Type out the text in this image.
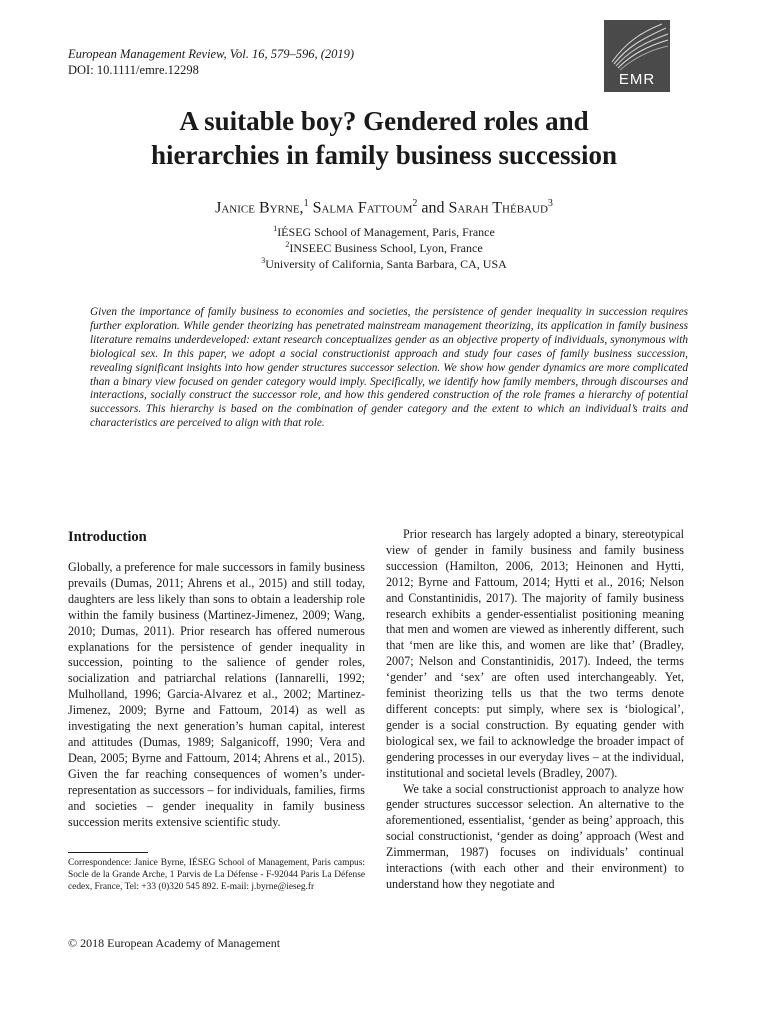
European Management Review, Vol. 16, 579–596, (2019)
DOI: 10.1111/emre.12298
EMR
A suitable boy? Gendered roles and
hierarchies in family business succession
Janice Byrne,$^1$ Salma Fattoum$^2$ and Sarah Thébaud$^3$
$^1$IÉSEG School of Management, Paris, France
$^2$INSEEC Business School, Lyon, France
$^3$University of California, Santa Barbara, CA, USA

Given the importance of family business to economies and societies, the persistence of gender inequality in succession requires further exploration. While gender theorizing has penetrated mainstream management theorizing, its application in family business literature remains underdeveloped: extant research conceptualizes gender as an objective property of individuals, synonymous with biological sex. In this paper, we adopt a social constructionist approach and study four cases of family business succession, revealing significant insights into how gender structures successor selection. We show how gender dynamics are more complicated than a binary view focused on gender category would imply. Specifically, we identify how family members, through discourses and interactions, socially construct the successor role, and how this gendered construction of the role frames a hierarchy of potential successors. This hierarchy is based on the combination of gender category and the extent to which an individual’s traits and characteristics are perceived to align with that role.

Introduction

Globally, a preference for male successors in family business prevails (Dumas, 2011; Ahrens et al., 2015) and still today, daughters are less likely than sons to obtain a leadership role within the family business (Martinez-Jimenez, 2009; Wang, 2010; Dumas, 2011). Prior research has offered numerous explanations for the persistence of gender inequality in succession, pointing to the salience of gender roles, socialization and patriarchal relations (Iannarelli, 1992; Mulholland, 1996; Garcia-Alvarez et al., 2002; Martinez-Jimenez, 2009; Byrne and Fattoum, 2014) as well as investigating the next generation’s human capital, interest and attitudes (Dumas, 1989; Salganicoff, 1990; Vera and Dean, 2005; Byrne and Fattoum, 2014; Ahrens et al., 2015). Given the far reaching consequences of women’s under-representation as successors – for individuals, families, firms and societies – gender inequality in family business succession merits extensive scientific study.

Prior research has largely adopted a binary, stereotypical view of gender in family business and family business succession (Hamilton, 2006, 2013; Heinonen and Hytti, 2012; Byrne and Fattoum, 2014; Hytti et al., 2016; Nelson and Constantinidis, 2017). The majority of family business research exhibits a gender-essentialist positioning meaning that men and women are viewed as inherently different, such that ‘men are like this, and women are like that’ (Bradley, 2007; Nelson and Constantinidis, 2017). Indeed, the terms ‘gender’ and ‘sex’ are often used interchangeably. Yet, feminist theorizing tells us that the two terms denote different concepts: put simply, where sex is ‘biological’, gender is a social construction. By equating gender with biological sex, we fail to acknowledge the broader impact of gendering processes in our everyday lives – at the individual, institutional and societal levels (Bradley, 2007).

We take a social constructionist approach to analyze how gender structures successor selection. An alternative to the aforementioned, essentialist, ‘gender as being’ approach, this social constructionist, ‘gender as doing’ approach (West and Zimmerman, 1987) focuses on individuals’ continual interactions (with each other and their environment) to understand how they negotiate and

Correspondence: Janice Byrne, IÉSEG School of Management, Paris campus: Socle de la Grande Arche, 1 Parvis de La Défense - F-92044 Paris La Défense cedex, France, Tel: +33 (0)320 545 892. E-mail: j.byrne@ieseg.fr

© 2018 European Academy of Management
